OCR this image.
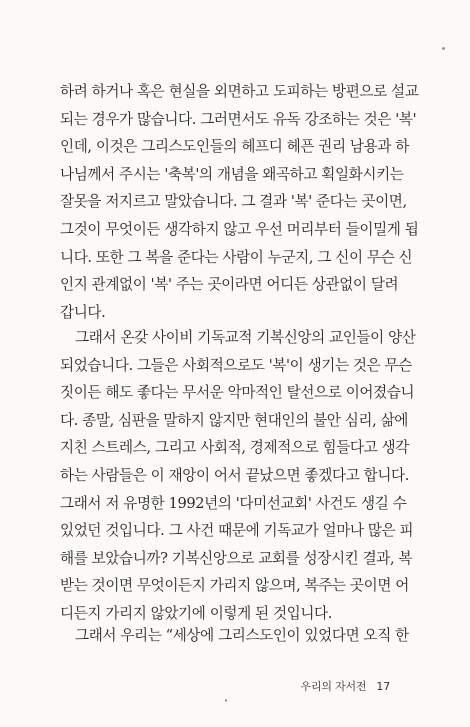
하려 하거나 혹은 현실을 외면하고 도피하는 방편으로 설교
되는 경우가 많습니다. 그러면서도 유독 강조하는 것은 '복'
인데, 이것은 그리스도인들의 헤프디 헤픈 권리 남용과 하
나님께서 주시는 '축복'의 개념을 왜곡하고 획일화시키는
잘못을 저지르고 말았습니다. 그 결과 '복' 준다는 곳이면,
그것이 무엇이든 생각하지 않고 우선 머리부터 들이밀게 됩
니다. 또한 그 복을 준다는 사람이 누군지, 그 신이 무슨 신
인지 관계없이 '복' 주는 곳이라면 어디든 상관없이 달려
갑니다.
그래서 온갖 사이비 기독교적 기복신앙의 교인들이 양산
되었습니다. 그들은 사회적으로도 '복'이 생기는 것은 무슨
짓이든 해도 좋다는 무서운 악마적인 탈선으로 이어졌습니
다. 종말, 심판을 말하지 않지만 현대인의 불안 심리, 삶에
지친 스트레스, 그리고 사회적, 경제적으로 힘들다고 생각
하는 사람들은 이 재앙이 어서 끝났으면 좋겠다고 합니다.
그래서 저 유명한 1992년의 '다미선교회' 사건도 생길 수
있었던 것입니다. 그 사건 때문에 기독교가 얼마나 많은 피
해를 보았습니까? 기복신앙으로 교회를 성장시킨 결과, 복
받는 것이면 무엇이든지 가리지 않으며, 복주는 곳이면 어
디든지 가리지 않았기에 이렇게 된 것입니다.
그래서 우리는 “세상에 그리스도인이 있었다면 오직 한
우리의 자서전 17
